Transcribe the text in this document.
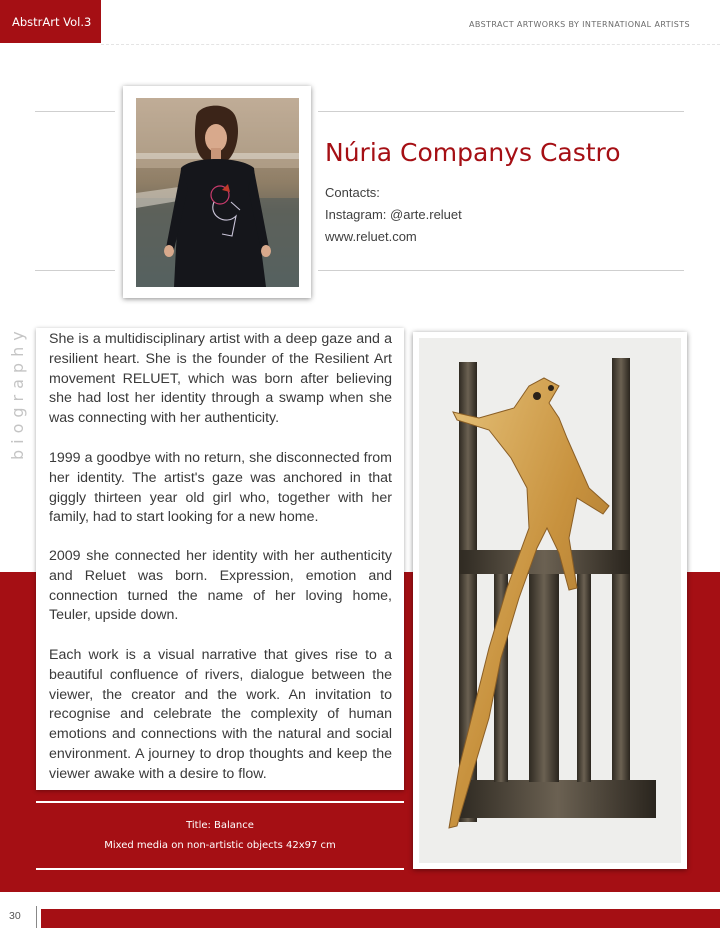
AbstrArt Vol.3	ABSTRACT ARTWORKS BY INTERNATIONAL ARTISTS
Núria Companys Castro
Contacts:
Instagram: @arte.reluet
www.reluet.com
biography She is a multidisciplinary artist with a deep gaze and a resilient heart. She is the founder of the Resilient Art movement RELUET, which was born after believing she had lost her identity through a swamp when she was connecting with her authenticity.

1999 a goodbye with no return, she disconnected from her identity. The artist's gaze was anchored in that giggly thirteen year old girl who, together with her family, had to start looking for a new home.

2009 she connected her identity with her authenticity and Reluet was born. Expression, emotion and connection turned the name of her loving home, Teuler, upside down.

Each work is a visual narrative that gives rise to a beautiful confluence of rivers, dialogue between the viewer, the creator and the work. An invitation to recognise and celebrate the complexity of human emotions and connections with the natural and social environment. A journey to drop thoughts and keep the viewer awake with a desire to flow.

Title: Balance
Mixed media on non-artistic objects 42x97 cm
30
